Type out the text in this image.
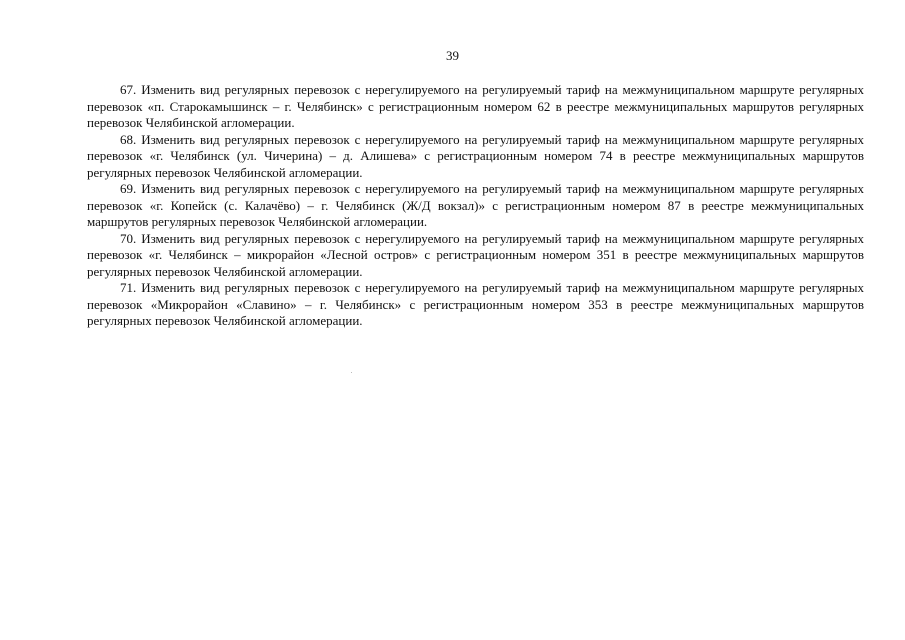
39

67. Изменить вид регулярных перевозок с нерегулируемого на регулируемый тариф на межмуниципальном маршруте регулярных перевозок «п. Старокамышинск – г. Челябинск» с регистрационным номером 62 в реестре межмуниципальных маршрутов регулярных перевозок Челябинской агломерации.

68. Изменить вид регулярных перевозок с нерегулируемого на регулируемый тариф на межмуниципальном маршруте регулярных перевозок «г. Челябинск (ул. Чичерина) – д. Алишева» с регистрационным номером 74 в реестре межмуниципальных маршрутов регулярных перевозок Челябинской агломерации.

69. Изменить вид регулярных перевозок с нерегулируемого на регулируемый тариф на межмуниципальном маршруте регулярных перевозок «г. Копейск (с. Калачёво) – г. Челябинск (Ж/Д вокзал)» с регистрационным номером 87 в реестре межмуниципальных маршрутов регулярных перевозок Челябинской агломерации.

70. Изменить вид регулярных перевозок с нерегулируемого на регулируемый тариф на межмуниципальном маршруте регулярных перевозок «г. Челябинск – микрорайон «Лесной остров» с регистрационным номером 351 в реестре межмуниципальных маршрутов регулярных перевозок Челябинской агломерации.

71. Изменить вид регулярных перевозок с нерегулируемого на регулируемый тариф на межмуниципальном маршруте регулярных перевозок «Микрорайон «Славино» – г. Челябинск» с регистрационным номером 353 в реестре межмуниципальных маршрутов регулярных перевозок Челябинской агломерации.
